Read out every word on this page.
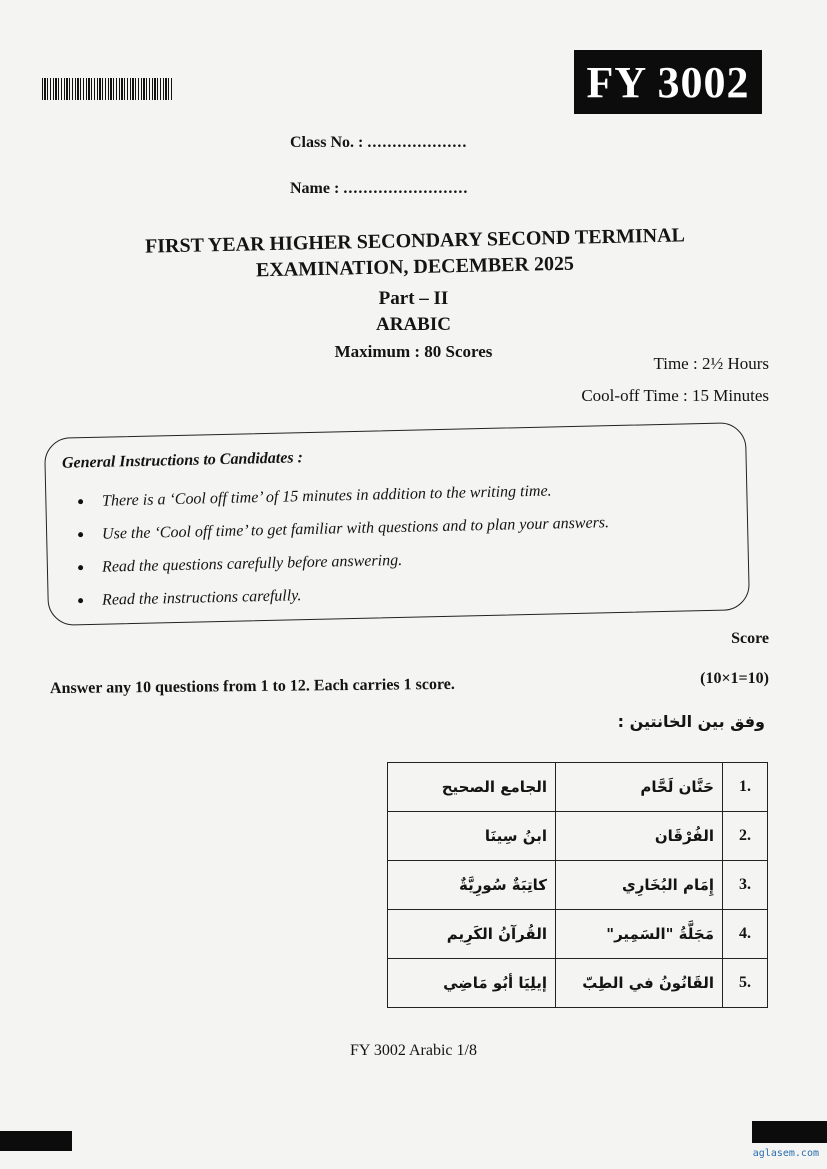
FY 3002
Class No. : ....................
Name : .........................
FIRST YEAR HIGHER SECONDARY SECOND TERMINAL
EXAMINATION, DECEMBER 2025
Part – II
ARABIC
Maximum : 80 Scores
Time : 2½ Hours
Cool-off Time : 15 Minutes
General Instructions to Candidates :
There is a ‘Cool off time’ of 15 minutes in addition to the writing time.
Use the ‘Cool off time’ to get familiar with questions and to plan your answers.
Read the questions carefully before answering.
Read the instructions carefully.
Score
Answer any 10 questions from 1 to 12. Each carries 1 score.	(10×1=10)
وفق بين الخانتين :
الجامع الصحيح	حَنَّان لَحَّام	1.
ابنُ سِينَا	الفُرْقَان	2.
كاتِبَةٌ سُورِيَّةٌ	إِمَام البُخَارِي	3.
القُرآنُ الكَرِيم	مَجَلَّةُ "السَمِير"	4.
إيلِيَا أبُو مَاضِي	القَانُونُ في الطِبّ	5.
FY 3002 Arabic 1/8
aglasem.com
